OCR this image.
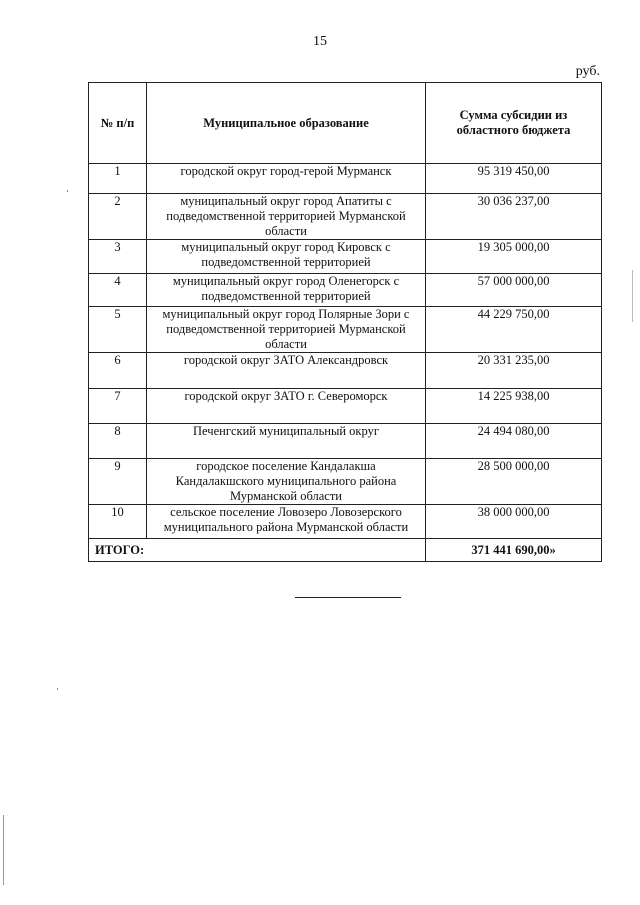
15
руб.
№ п/п	Муниципальное образование	Сумма субсидии из областного бюджета
1	городской округ город-герой Мурманск	95 319 450,00
2	муниципальный округ город Апатиты с подведомственной территорией Мурманской области	30 036 237,00
3	муниципальный округ город Кировск с подведомственной территорией	19 305 000,00
4	муниципальный округ город Оленегорск с подведомственной территорией	57 000 000,00
5	муниципальный округ город Полярные Зори с подведомственной территорией Мурманской области	44 229 750,00
6	городской округ ЗАТО Александровск	20 331 235,00
7	городской округ ЗАТО г. Североморск	14 225 938,00
8	Печенгский муниципальный округ	24 494 080,00
9	городское поселение Кандалакша Кандалакшского муниципального района Мурманской области	28 500 000,00
10	сельское поселение Ловозеро Ловозерского муниципального района Мурманской области	38 000 000,00
ИТОГО:		371 441 690,00»
